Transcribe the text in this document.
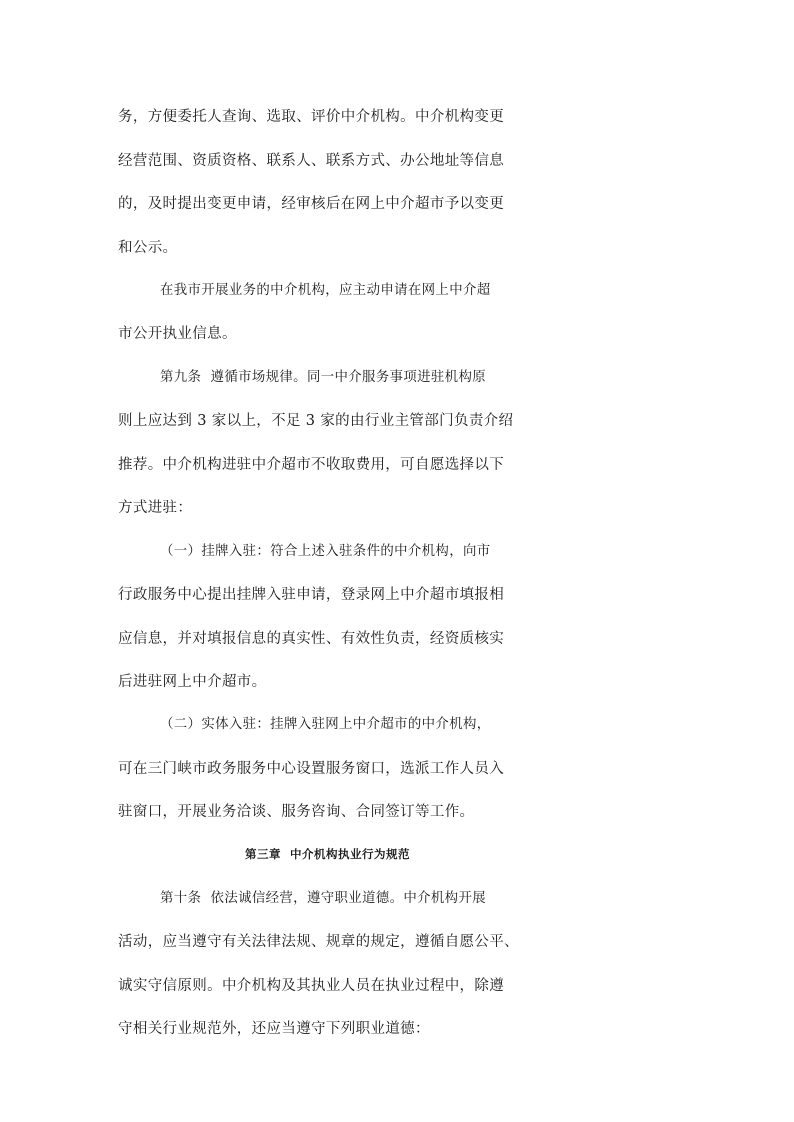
务，方便委托人查询、选取、评价中介机构。中介机构变更
经营范围、资质资格、联系人、联系方式、办公地址等信息
的，及时提出变更申请，经审核后在网上中介超市予以变更
和公示。
在我市开展业务的中介机构，应主动申请在网上中介超
市公开执业信息。
第九条  遵循市场规律。同一中介服务事项进驻机构原
则上应达到 3 家以上，不足 3 家的由行业主管部门负责介绍
推荐。中介机构进驻中介超市不收取费用，可自愿选择以下
方式进驻：
（一）挂牌入驻：符合上述入驻条件的中介机构，向市
行政服务中心提出挂牌入驻申请，登录网上中介超市填报相
应信息，并对填报信息的真实性、有效性负责，经资质核实
后进驻网上中介超市。
（二）实体入驻：挂牌入驻网上中介超市的中介机构，
可在三门峡市政务服务中心设置服务窗口，选派工作人员入
驻窗口，开展业务洽谈、服务咨询、合同签订等工作。
第三章  中介机构执业行为规范
第十条  依法诚信经营，遵守职业道德。中介机构开展
活动，应当遵守有关法律法规、规章的规定，遵循自愿公平、
诚实守信原则。中介机构及其执业人员在执业过程中，除遵
守相关行业规范外，还应当遵守下列职业道德：
